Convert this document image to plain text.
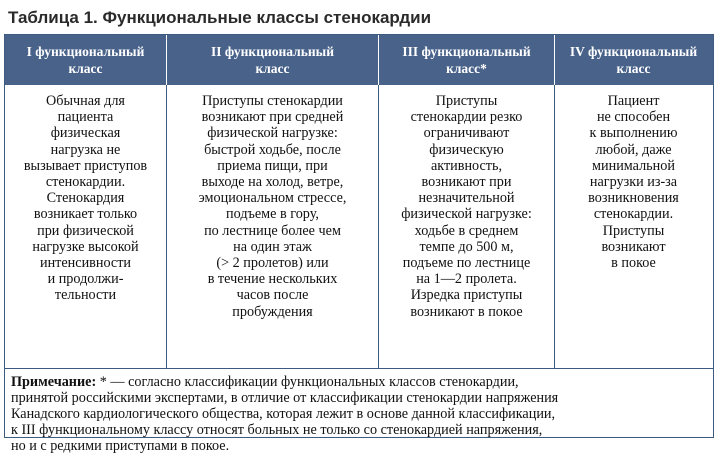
Таблица 1. Функциональные классы стенокардии
I функциональный
класс
II функциональный
класс
III функциональный
класс*
IV функциональный
класс
Обычная для
пациента
физическая
нагрузка не
вызывает приступов
стенокардии.
Стенокардия
возникает только
при физической
нагрузке высокой
интенсивности
и продолжи-
тельности
Приступы стенокардии
возникают при средней
физической нагрузке:
быстрой ходьбе, после
приема пищи, при
выходе на холод, ветре,
эмоциональном стрессе,
подъеме в гору,
по лестнице более чем
на один этаж
(> 2 пролетов) или
в течение нескольких
часов после
пробуждения
Приступы
стенокардии резко
ограничивают
физическую
активность,
возникают при
незначительной
физической нагрузке:
ходьбе в среднем
темпе до 500 м,
подъеме по лестнице
на 1—2 пролета.
Изредка приступы
возникают в покое
Пациент
не способен
к выполнению
любой, даже
минимальной
нагрузки из-за
возникновения
стенокардии.
Приступы
возникают
в покое
Примечание: * — согласно классификации функциональных классов стенокардии,
принятой российскими экспертами, в отличие от классификации стенокардии напряжения
Канадского кардиологического общества, которая лежит в основе данной классификации,
к III функциональному классу относят больных не только со стенокардией напряжения,
но и с редкими приступами в покое.
